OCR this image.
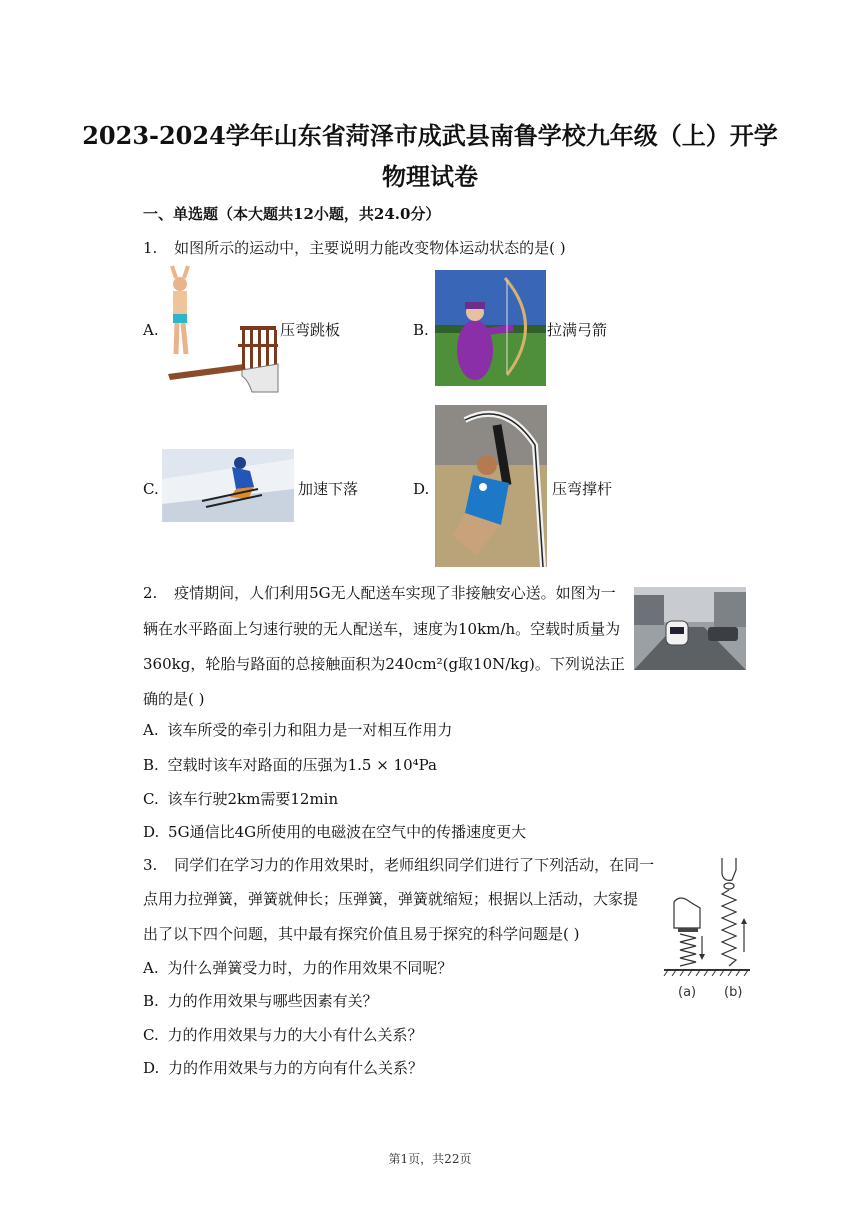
2023-2024学年山东省菏泽市成武县南鲁学校九年级（上）开学
物理试卷
一、单选题（本大题共12小题，共24.0分）
1. 如图所示的运动中，主要说明力能改变物体运动状态的是( )
A.	压弯跳板	B.	拉满弓箭
C.	加速下落	D.	压弯撑杆
2. 疫情期间，人们利用5G无人配送车实现了非接触安心送。如图为一
辆在水平路面上匀速行驶的无人配送车，速度为10km/h。空载时质量为
360kg，轮胎与路面的总接触面积为240cm²(g取10N/kg)。下列说法正
确的是( )
A. 该车所受的牵引力和阻力是一对相互作用力
B. 空载时该车对路面的压强为1.5 × 10⁴Pa
C. 该车行驶2km需要12min
D. 5G通信比4G所使用的电磁波在空气中的传播速度更大
3. 同学们在学习力的作用效果时，老师组织同学们进行了下列活动，在同一
点用力拉弹簧，弹簧就伸长；压弹簧，弹簧就缩短；根据以上活动，大家提
出了以下四个问题，其中最有探究价值且易于探究的科学问题是( )
A. 为什么弹簧受力时，力的作用效果不同呢？
B. 力的作用效果与哪些因素有关？
C. 力的作用效果与力的大小有什么关系？
D. 力的作用效果与力的方向有什么关系？
(a) (b)
第1页，共22页
